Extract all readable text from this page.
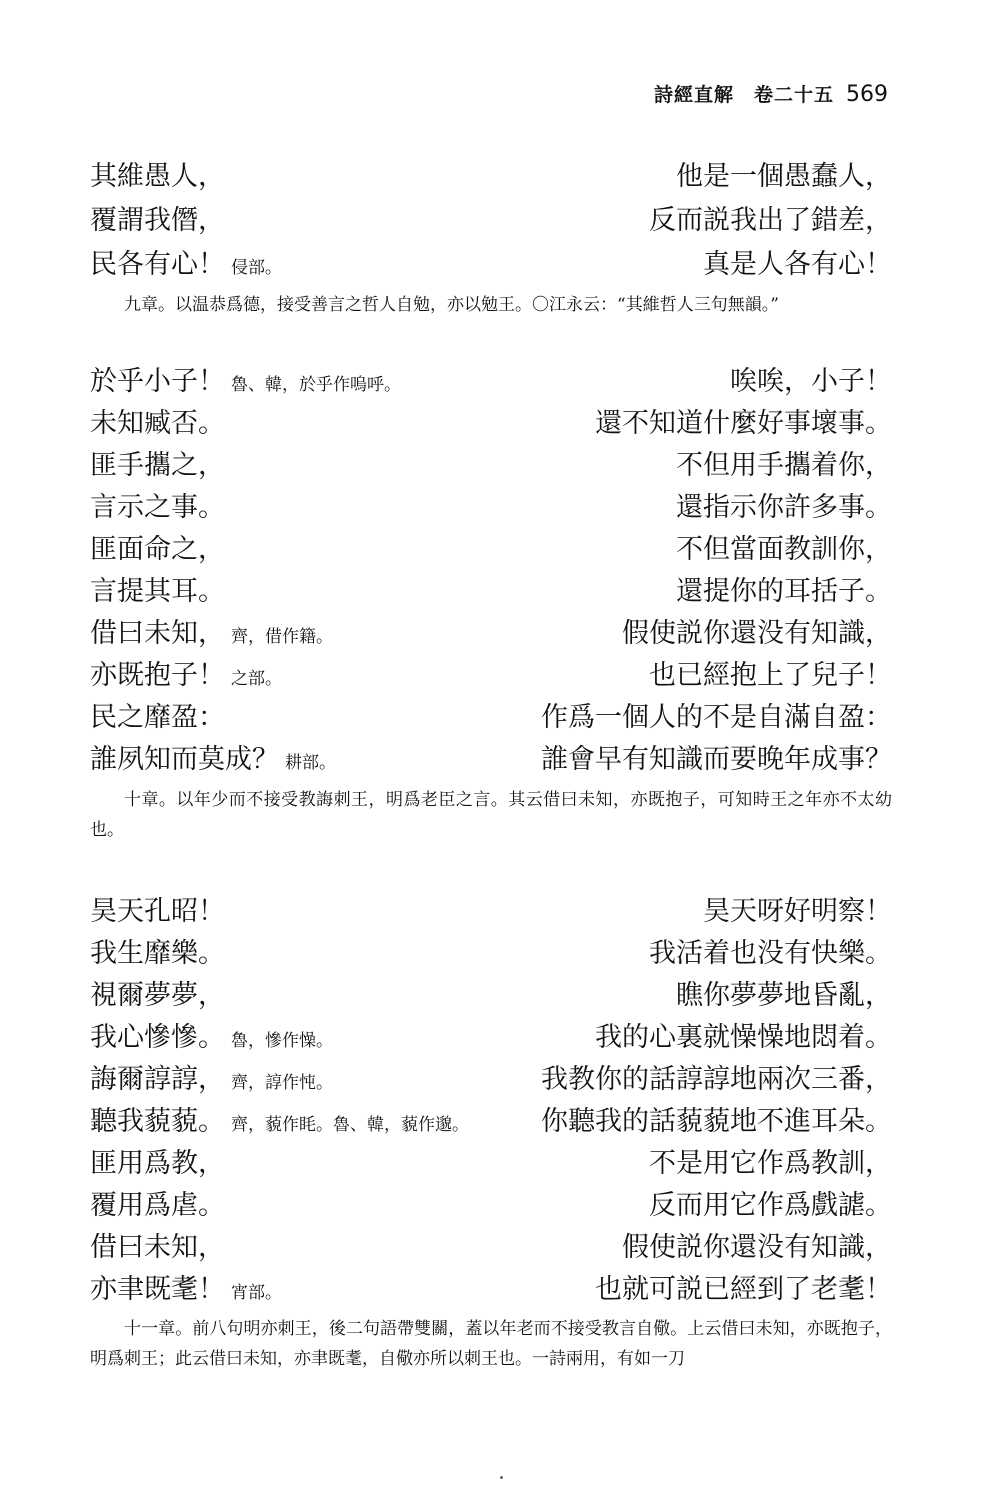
詩經直解　卷二十五 569
其維愚人，	他是一個愚蠢人，
覆謂我僭，	反而説我出了錯差，
民各有心！ 侵部。	真是人各有心！
九章。以温恭爲德，接受善言之哲人自勉，亦以勉王。〇江永云：“其維哲人三句無韻。”
於乎小子！ 魯、韓，於乎作嗚呼。	唉唉，小子！
未知臧否。	還不知道什麼好事壞事。
匪手攜之，	不但用手攜着你，
言示之事。	還指示你許多事。
匪面命之，	不但當面教訓你，
言提其耳。	還提你的耳括子。
借曰未知， 齊，借作籍。	假使説你還没有知識，
亦既抱子！ 之部。	也已經抱上了兒子！
民之靡盈：	作爲一個人的不是自滿自盈：
誰夙知而莫成？ 耕部。	誰會早有知識而要晚年成事？
十章。以年少而不接受教誨刺王，明爲老臣之言。其云借曰未知，亦既抱子，可知時王之年亦不太幼也。
昊天孔昭！	昊天呀好明察！
我生靡樂。	我活着也没有快樂。
視爾夢夢，	瞧你夢夢地昏亂，
我心慘慘。 魯，慘作懆。	我的心裏就懆懆地悶着。
誨爾諄諄， 齊，諄作忳。	我教你的話諄諄地兩次三番，
聽我藐藐。 齊，藐作眊。魯、韓，藐作邈。	你聽我的話藐藐地不進耳朵。
匪用爲教，	不是用它作爲教訓，
覆用爲虐。	反而用它作爲戲謔。
借曰未知，	假使説你還没有知識，
亦聿既耄！ 宵部。	也就可説已經到了老耄！
十一章。前八句明亦刺王，後二句語帶雙關，蓋以年老而不接受教言自儆。上云借曰未知，亦既抱子，明爲刺王；此云借曰未知，亦聿既耄，自儆亦所以刺王也。一詩兩用，有如一刀
